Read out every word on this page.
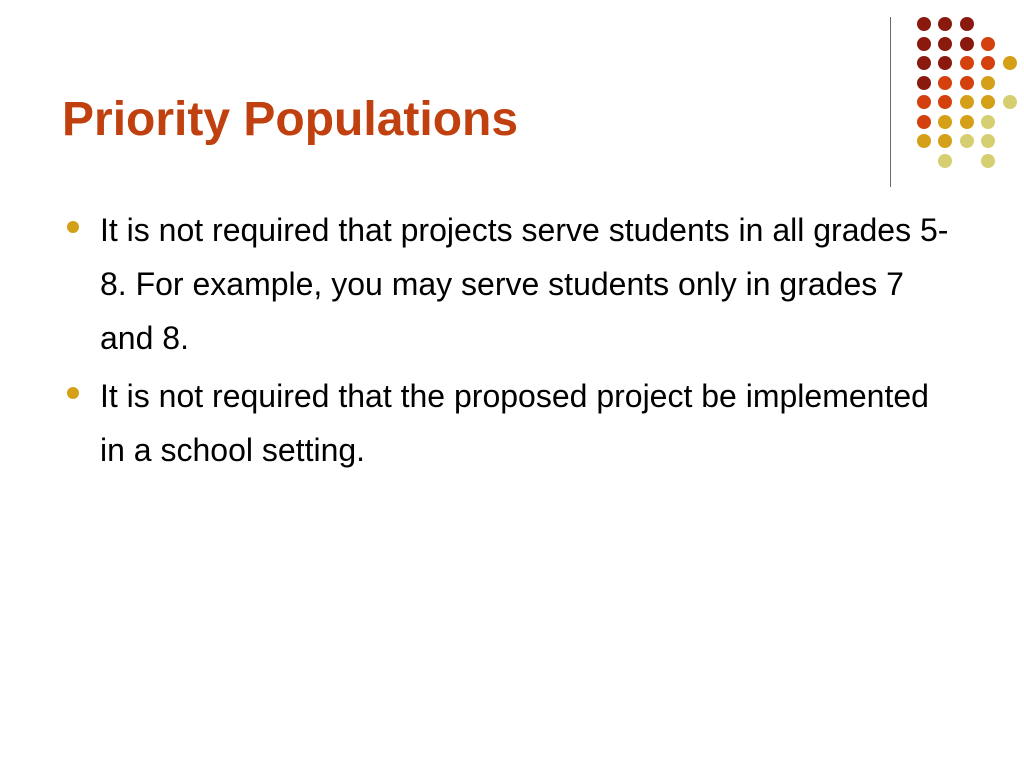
Priority Populations
It is not required that projects serve students in all grades 5-8. For example, you may serve students only in grades 7 and 8.
It is not required that the proposed project be implemented in a school setting.
